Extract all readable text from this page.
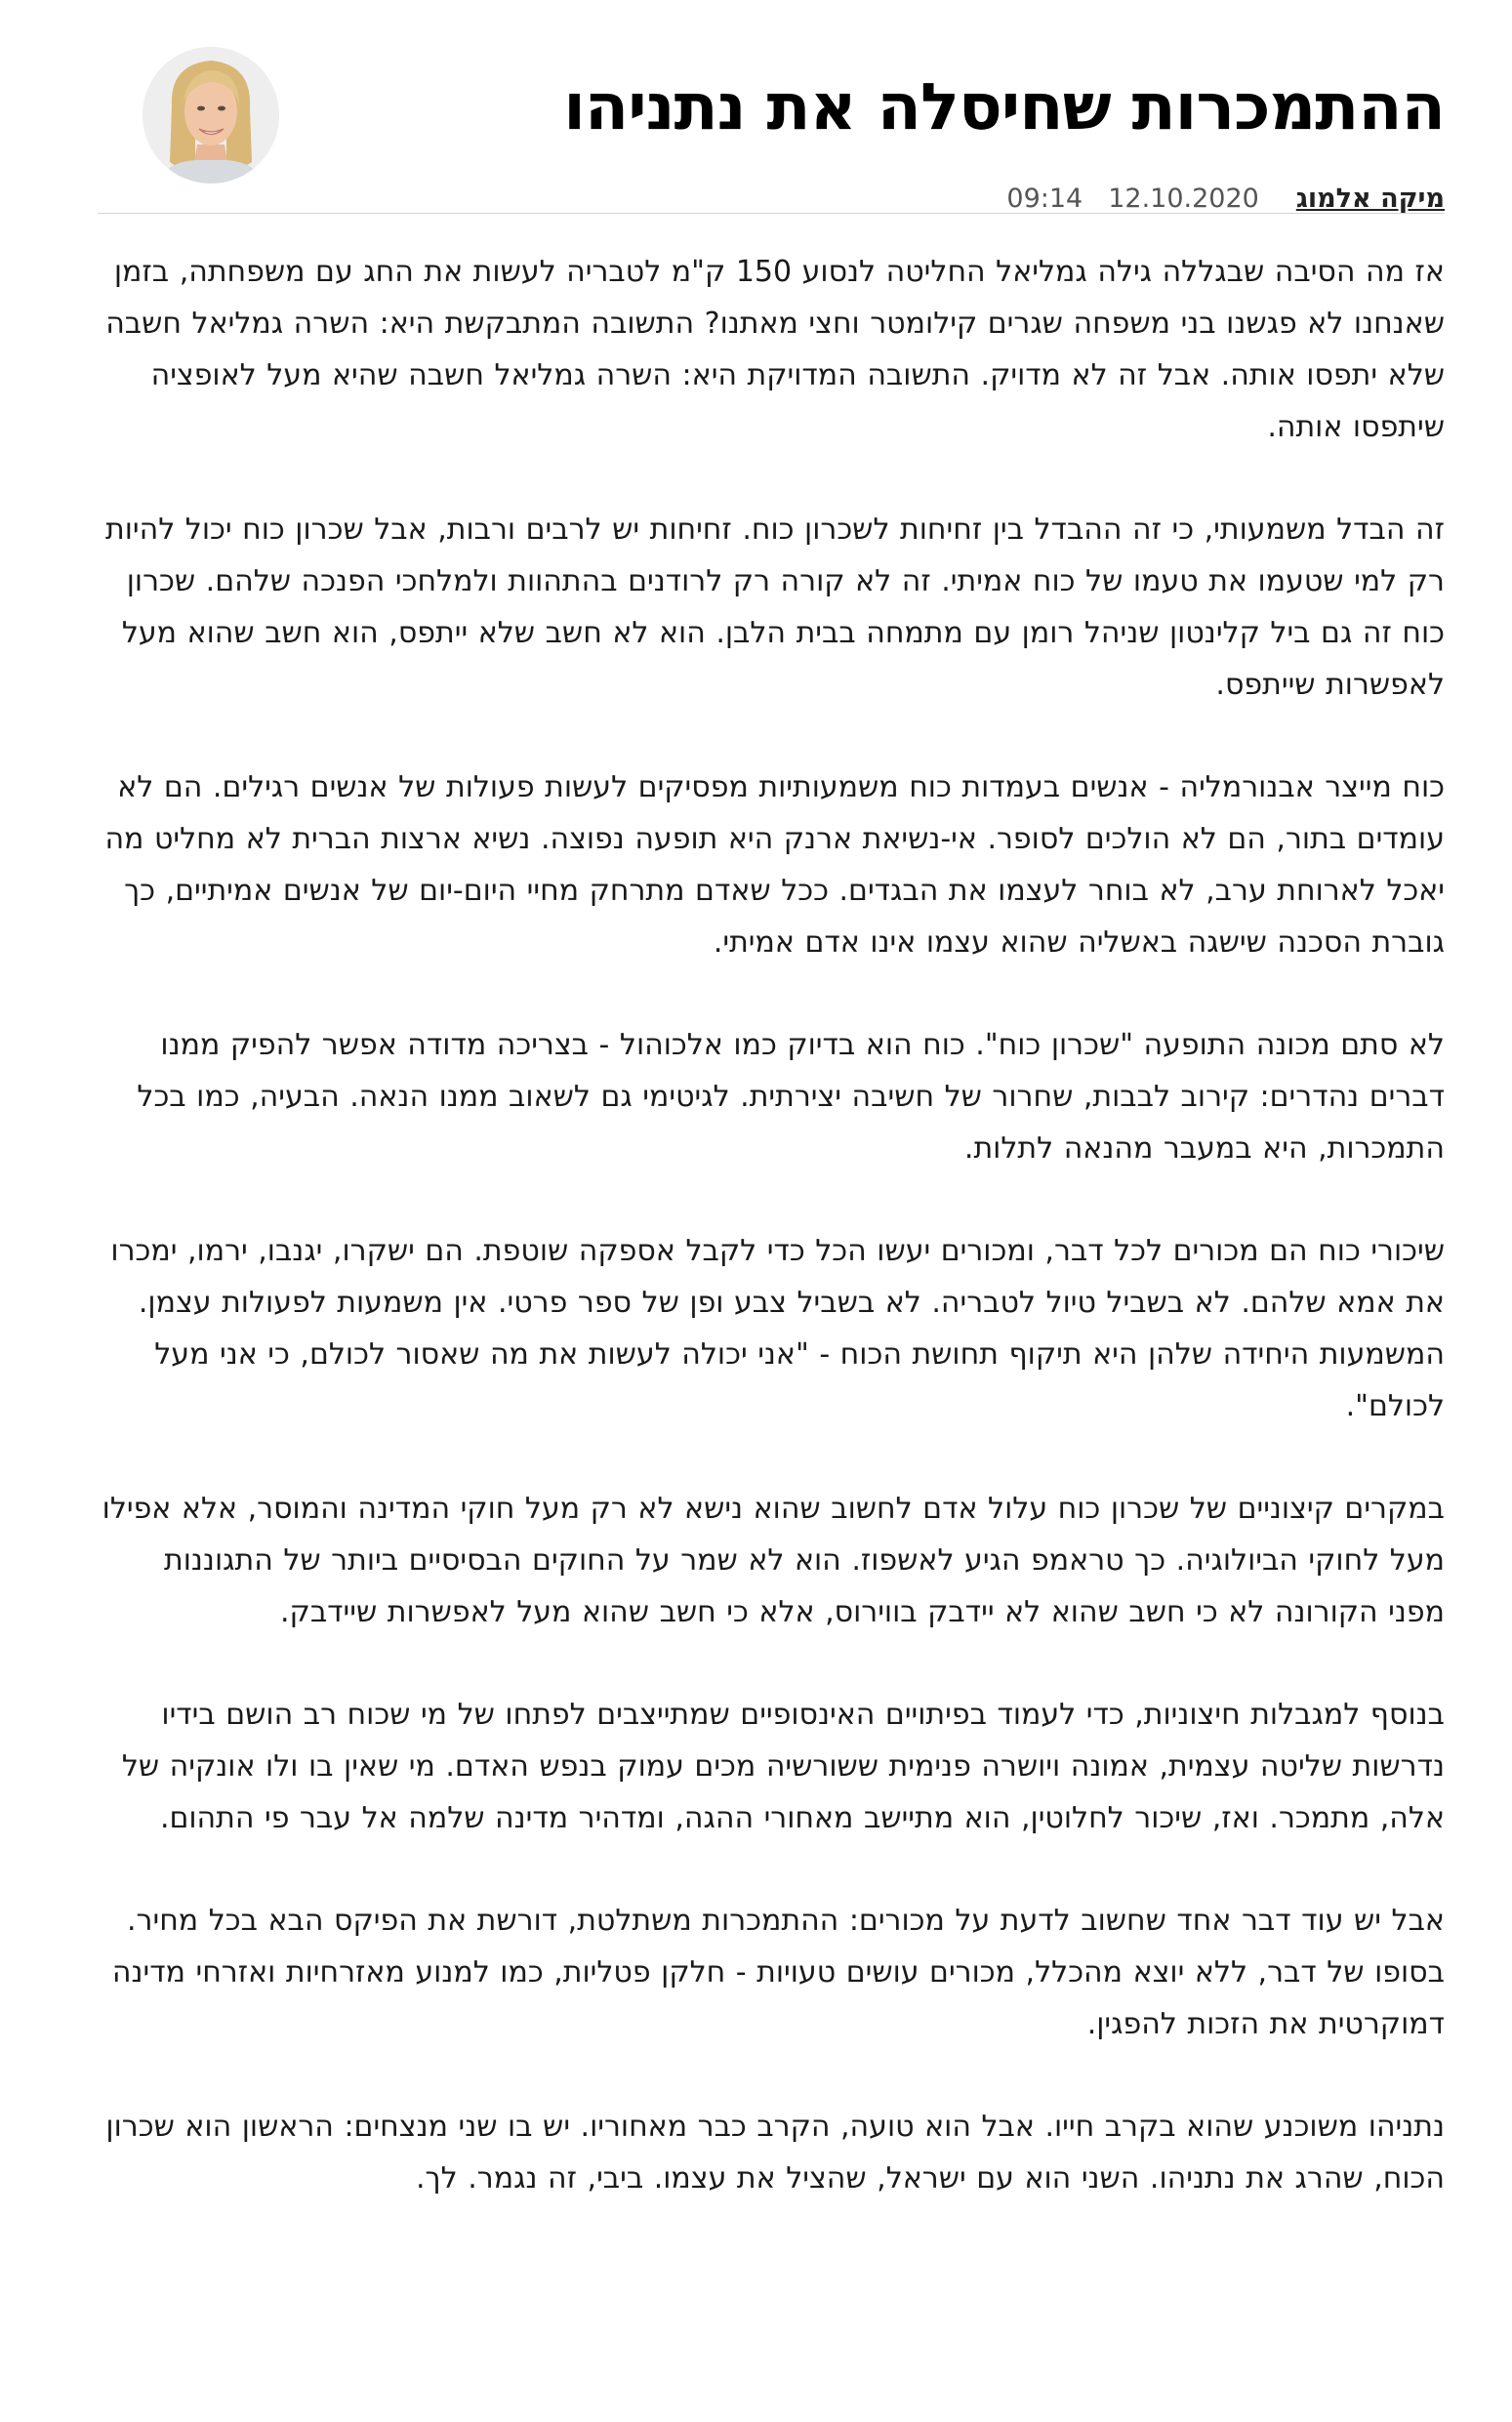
ההתמכרות שחיסלה את נתניהו
מיקה אלמוג
12.10.2020
09:14

אז מה הסיבה שבגללה גילה גמליאל החליטה לנסוע 150 ק"מ לטבריה לעשות את החג עם משפחתה, בזמן שאנחנו לא פגשנו בני משפחה שגרים קילומטר וחצי מאתנו? התשובה המתבקשת היא: השרה גמליאל חשבה שלא יתפסו אותה. אבל זה לא מדויק. התשובה המדויקת היא: השרה גמליאל חשבה שהיא מעל לאופציה שיתפסו אותה.

זה הבדל משמעותי, כי זה ההבדל בין זחיחות לשכרון כוח. זחיחות יש לרבים ורבות, אבל שכרון כוח יכול להיות רק למי שטעמו את טעמו של כוח אמיתי. זה לא קורה רק לרודנים בהתהוות ולמלחכי הפנכה שלהם. שכרון כוח זה גם ביל קלינטון שניהל רומן עם מתמחה בבית הלבן. הוא לא חשב שלא ייתפס, הוא חשב שהוא מעל לאפשרות שייתפס.

כוח מייצר אבנורמליה - אנשים בעמדות כוח משמעותיות מפסיקים לעשות פעולות של אנשים רגילים. הם לא עומדים בתור, הם לא הולכים לסופר. אי-נשיאת ארנק היא תופעה נפוצה. נשיא ארצות הברית לא מחליט מה יאכל לארוחת ערב, לא בוחר לעצמו את הבגדים. ככל שאדם מתרחק מחיי היום-יום של אנשים אמיתיים, כך גוברת הסכנה שישגה באשליה שהוא עצמו אינו אדם אמיתי.

לא סתם מכונה התופעה "שכרון כוח". כוח הוא בדיוק כמו אלכוהול - בצריכה מדודה אפשר להפיק ממנו דברים נהדרים: קירוב לבבות, שחרור של חשיבה יצירתית. לגיטימי גם לשאוב ממנו הנאה. הבעיה, כמו בכל התמכרות, היא במעבר מהנאה לתלות.

שיכורי כוח הם מכורים לכל דבר, ומכורים יעשו הכל כדי לקבל אספקה שוטפת. הם ישקרו, יגנבו, ירמו, ימכרו את אמא שלהם. לא בשביל טיול לטבריה. לא בשביל צבע ופן של ספר פרטי. אין משמעות לפעולות עצמן. המשמעות היחידה שלהן היא תיקוף תחושת הכוח - "אני יכולה לעשות את מה שאסור לכולם, כי אני מעל לכולם".

במקרים קיצוניים של שכרון כוח עלול אדם לחשוב שהוא נישא לא רק מעל חוקי המדינה והמוסר, אלא אפילו מעל לחוקי הביולוגיה. כך טראמפ הגיע לאשפוז. הוא לא שמר על החוקים הבסיסיים ביותר של התגוננות מפני הקורונה לא כי חשב שהוא לא יידבק בווירוס, אלא כי חשב שהוא מעל לאפשרות שיידבק.

בנוסף למגבלות חיצוניות, כדי לעמוד בפיתויים האינסופיים שמתייצבים לפתחו של מי שכוח רב הושם בידיו נדרשות שליטה עצמית, אמונה ויושרה פנימית ששורשיה מכים עמוק בנפש האדם. מי שאין בו ולו אונקיה של אלה, מתמכר. ואז, שיכור לחלוטין, הוא מתיישב מאחורי ההגה, ומדהיר מדינה שלמה אל עבר פי התהום.

אבל יש עוד דבר אחד שחשוב לדעת על מכורים: ההתמכרות משתלטת, דורשת את הפיקס הבא בכל מחיר. בסופו של דבר, ללא יוצא מהכלל, מכורים עושים טעויות - חלקן פטליות, כמו למנוע מאזרחיות ואזרחי מדינה דמוקרטית את הזכות להפגין.

נתניהו משוכנע שהוא בקרב חייו. אבל הוא טועה, הקרב כבר מאחוריו. יש בו שני מנצחים: הראשון הוא שכרון הכוח, שהרג את נתניהו. השני הוא עם ישראל, שהציל את עצמו. ביבי, זה נגמר. לך.
